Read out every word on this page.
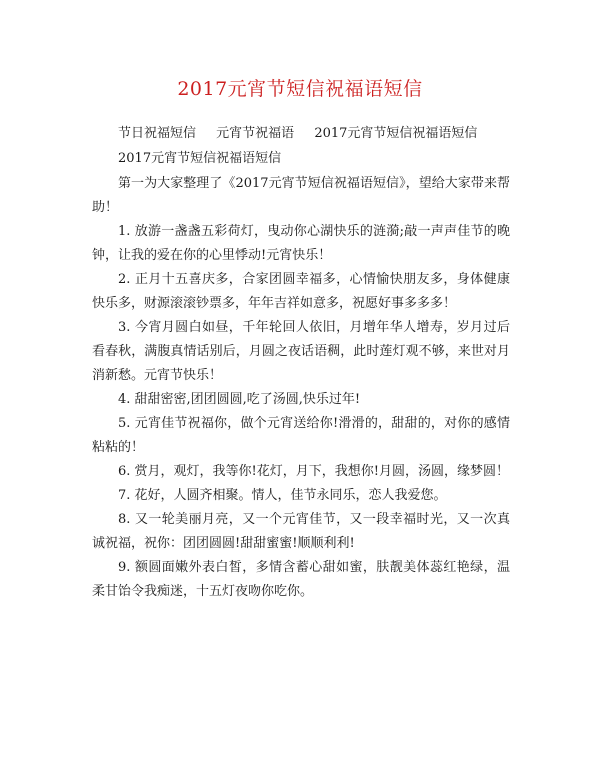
2017元宵节短信祝福语短信
节日祝福短信 元宵节祝福语 2017元宵节短信祝福语短信
2017元宵节短信祝福语短信

第一为大家整理了《2017元宵节短信祝福语短信》，望给大家带来帮助！

1. 放游一盏盏五彩荷灯，曳动你心湖快乐的涟漪;敲一声声佳节的晚钟，让我的爱在你的心里悸动!元宵快乐！

2. 正月十五喜庆多，合家团圆幸福多，心情愉快朋友多，身体健康快乐多，财源滚滚钞票多，年年吉祥如意多，祝愿好事多多多！

3. 今宵月圆白如昼，千年轮回人依旧，月增年华人增寿，岁月过后看春秋，满腹真情话别后，月圆之夜话语稠，此时莲灯观不够，来世对月消新愁。元宵节快乐！

4. 甜甜密密,团团圆圆,吃了汤圆,快乐过年!

5. 元宵佳节祝福你，做个元宵送给你!滑滑的，甜甜的，对你的感情粘粘的！

6. 赏月，观灯，我等你!花灯，月下，我想你!月圆，汤圆，缘梦圆！

7. 花好，人圆齐相聚。情人，佳节永同乐，恋人我爱您。

8. 又一轮美丽月亮，又一个元宵佳节，又一段幸福时光，又一次真诚祝福，祝你：团团圆圆!甜甜蜜蜜!顺顺利利!

9. 额圆面嫩外表白皙，多情含蓄心甜如蜜，肤靓美体蕊红艳绿，温柔甘饴令我痴迷，十五灯夜吻你吃你。
